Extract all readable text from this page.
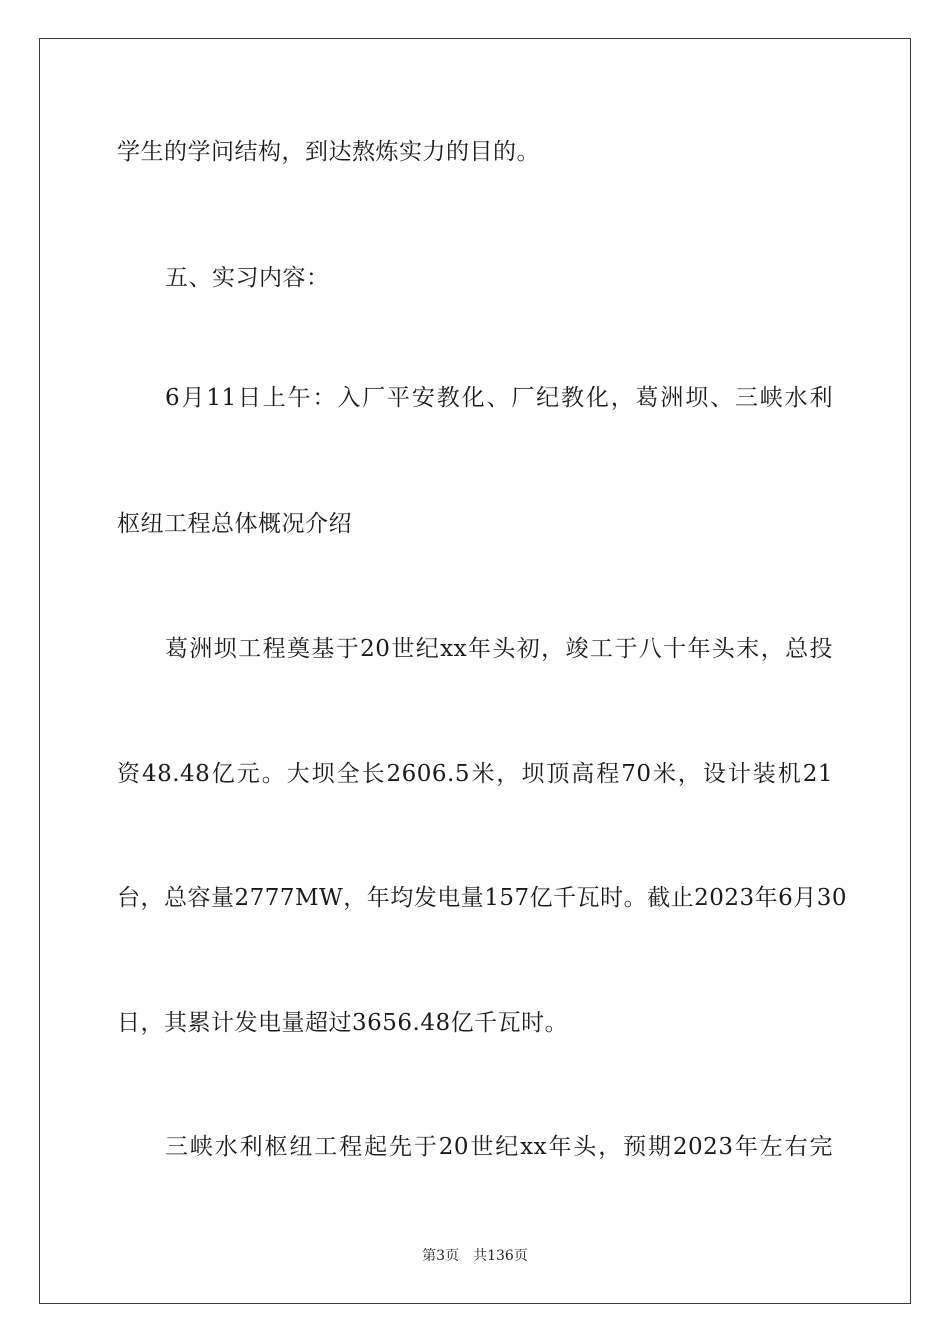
学生的学问结构，到达熬炼实力的目的。
五、实习内容：
6月11日上午：入厂平安教化、厂纪教化，葛洲坝、三峡水利
枢纽工程总体概况介绍
葛洲坝工程奠基于20世纪xx年头初，竣工于八十年头末，总投
资48.48亿元。大坝全长2606.5米，坝顶高程70米，设计装机21
台，总容量2777MW，年均发电量157亿千瓦时。截止2023年6月30
日，其累计发电量超过3656.48亿千瓦时。
三峡水利枢纽工程起先于20世纪xx年头，预期2023年左右完
第3页 共136页
